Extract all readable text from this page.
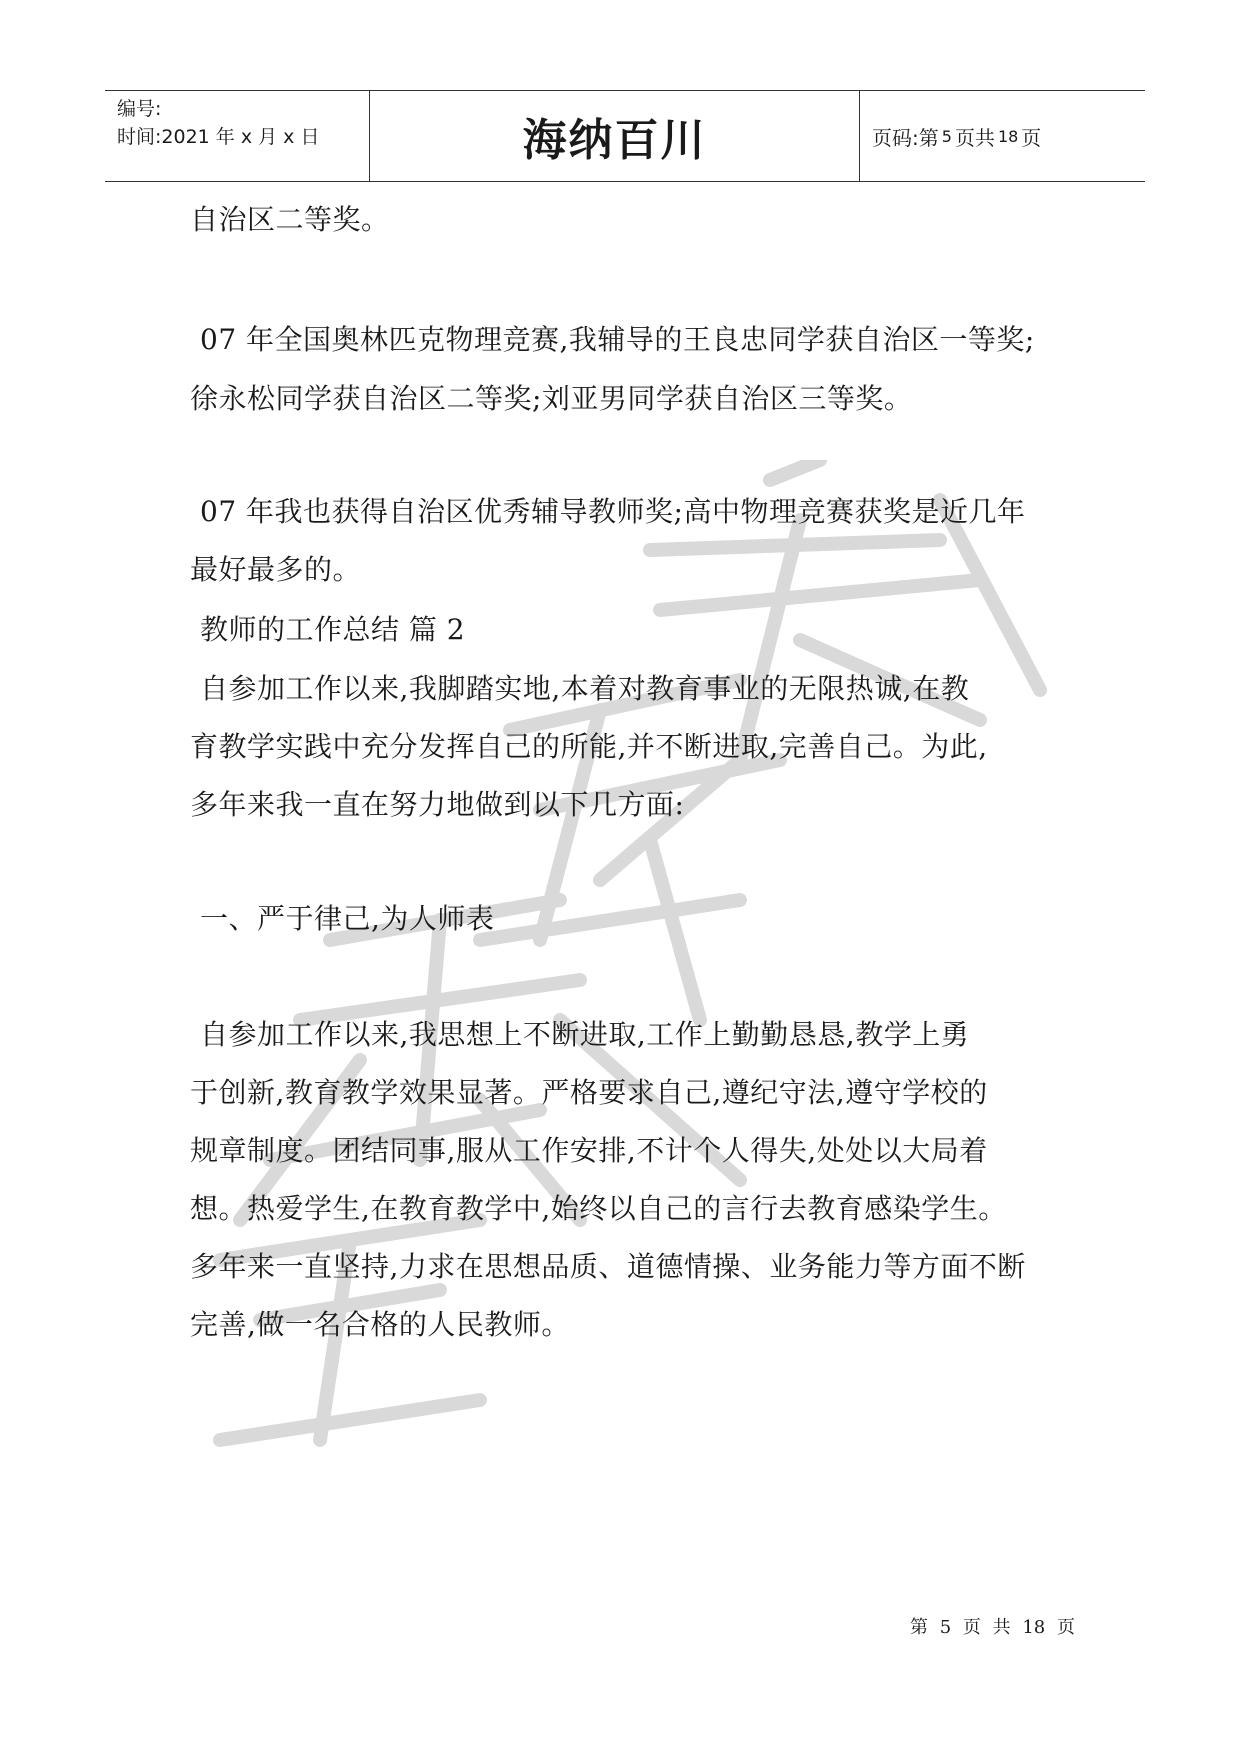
编号:
时间:2021 年 x 月 x 日	海纳百川	页码:第 5 页共 18 页
自治区二等奖。
07 年全国奥林匹克物理竞赛,我辅导的王良忠同学获自治区一等奖;
徐永松同学获自治区二等奖;刘亚男同学获自治区三等奖。
07 年我也获得自治区优秀辅导教师奖;高中物理竞赛获奖是近几年
最好最多的。
教师的工作总结 篇 2
自参加工作以来,我脚踏实地,本着对教育事业的无限热诚,在教
育教学实践中充分发挥自己的所能,并不断进取,完善自己。为此,
多年来我一直在努力地做到以下几方面:
一、严于律己,为人师表
自参加工作以来,我思想上不断进取,工作上勤勤恳恳,教学上勇
于创新,教育教学效果显著。严格要求自己,遵纪守法,遵守学校的
规章制度。团结同事,服从工作安排,不计个人得失,处处以大局着
想。热爱学生,在教育教学中,始终以自己的言行去教育感染学生。
多年来一直坚持,力求在思想品质、道德情操、业务能力等方面不断
完善,做一名合格的人民教师。
第 5 页 共 18 页
